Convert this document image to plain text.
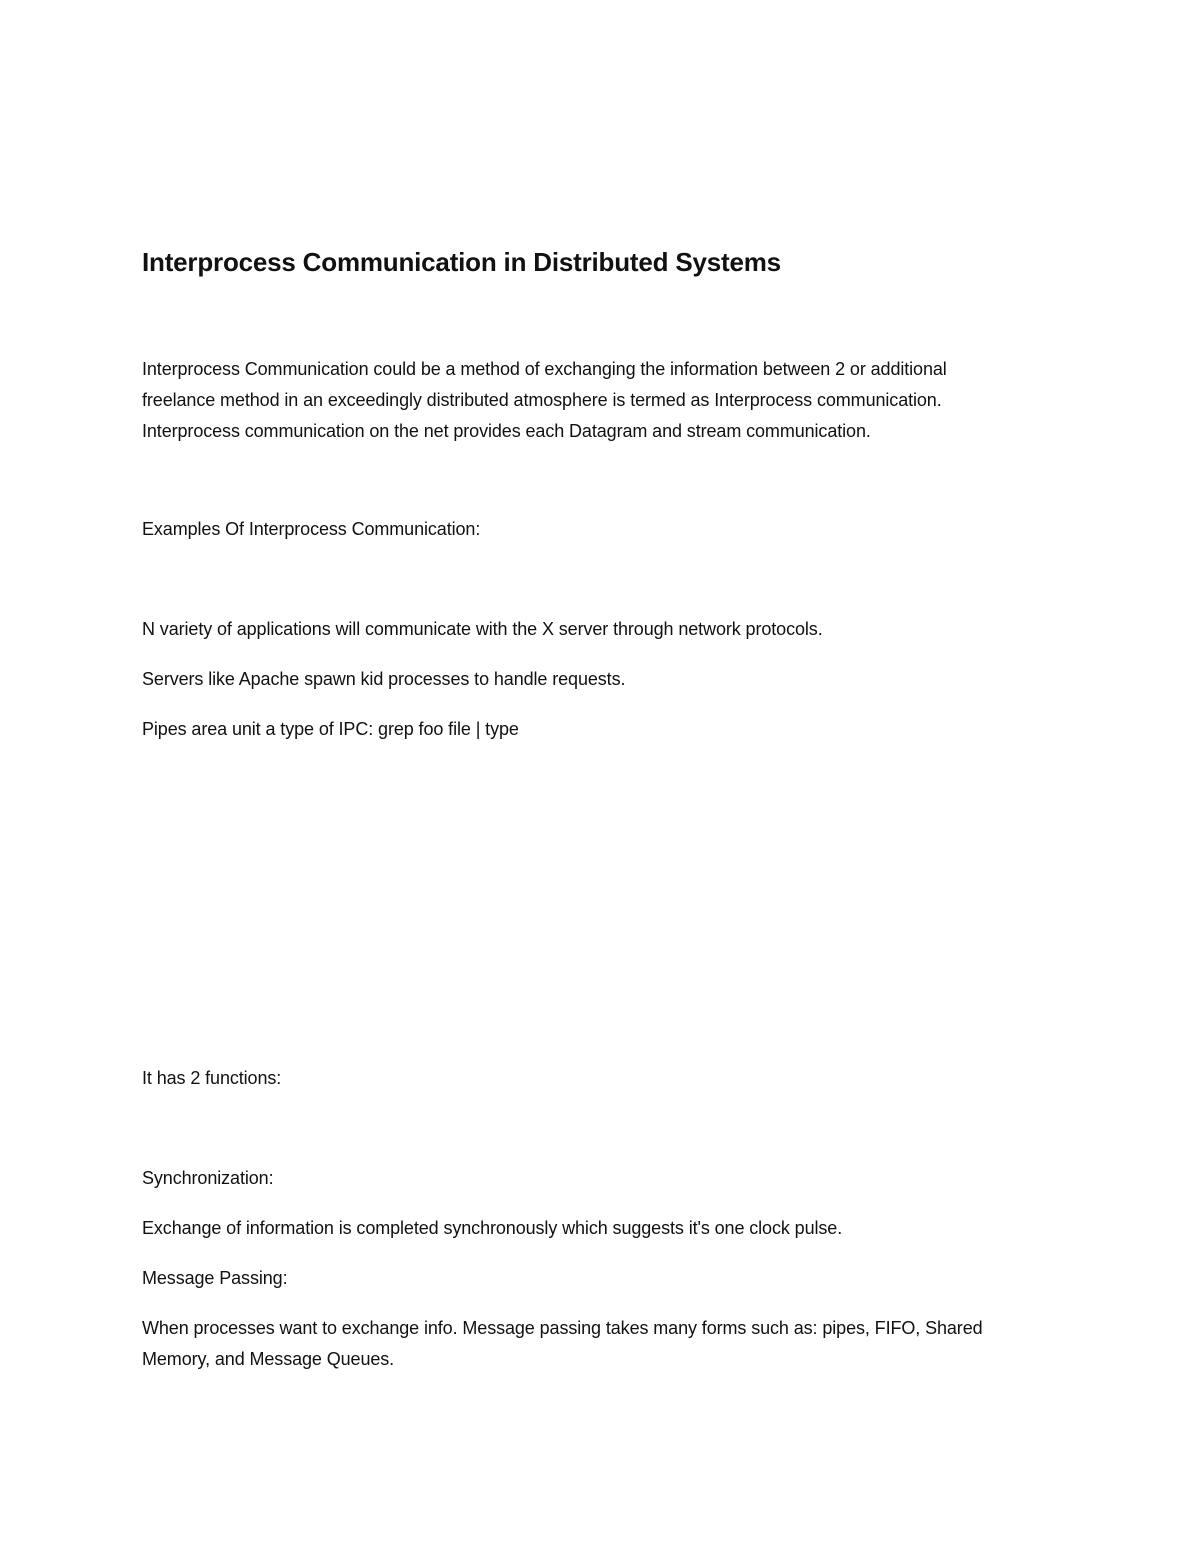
Interprocess Communication in Distributed Systems

Interprocess Communication could be a method of exchanging the information between 2 or additional
freelance method in an exceedingly distributed atmosphere is termed as Interprocess communication.
Interprocess communication on the net provides each Datagram and stream communication.

Examples Of Interprocess Communication:

N variety of applications will communicate with the X server through network protocols.

Servers like Apache spawn kid processes to handle requests.

Pipes area unit a type of IPC: grep foo file | type

It has 2 functions:

Synchronization:

Exchange of information is completed synchronously which suggests it's one clock pulse.

Message Passing:

When processes want to exchange info. Message passing takes many forms such as: pipes, FIFO, Shared
Memory, and Message Queues.
